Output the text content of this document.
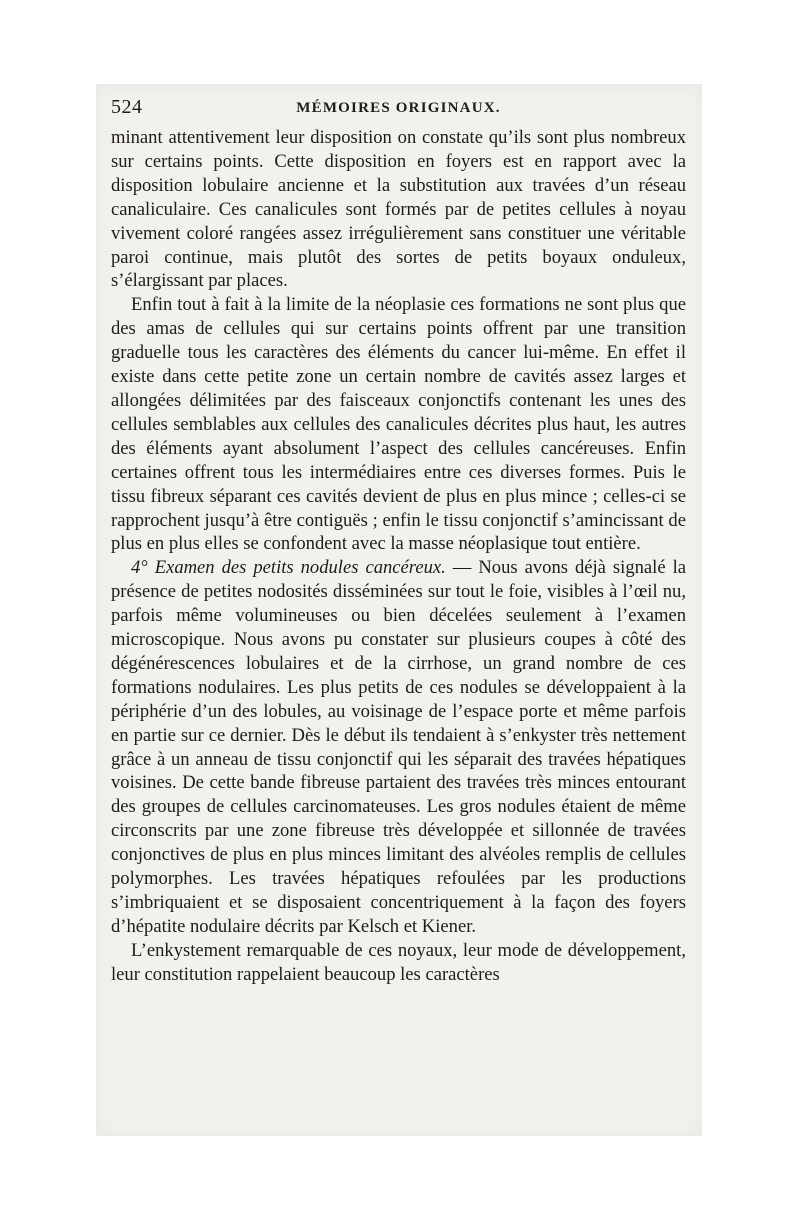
524	MÉMOIRES ORIGINAUX.

minant attentivement leur disposition on constate qu’ils sont plus nombreux sur certains points. Cette disposition en foyers est en rapport avec la disposition lobulaire ancienne et la substitution aux travées d’un réseau canaliculaire. Ces canalicules sont formés par de petites cellules à noyau vivement coloré rangées assez irrégulièrement sans constituer une véritable paroi continue, mais plutôt des sortes de petits boyaux onduleux, s’élargissant par places.

Enfin tout à fait à la limite de la néoplasie ces formations ne sont plus que des amas de cellules qui sur certains points offrent par une transition graduelle tous les caractères des éléments du cancer lui-même. En effet il existe dans cette petite zone un certain nombre de cavités assez larges et allongées délimitées par des faisceaux conjonctifs contenant les unes des cellules semblables aux cellules des canalicules décrites plus haut, les autres des éléments ayant absolument l’aspect des cellules cancéreuses. Enfin certaines offrent tous les intermédiaires entre ces diverses formes. Puis le tissu fibreux séparant ces cavités devient de plus en plus mince ; celles-ci se rapprochent jusqu’à être contiguës ; enfin le tissu conjonctif s’amincissant de plus en plus elles se confondent avec la masse néoplasique tout entière.

4° Examen des petits nodules cancéreux. — Nous avons déjà signalé la présence de petites nodosités disséminées sur tout le foie, visibles à l’œil nu, parfois même volumineuses ou bien décelées seulement à l’examen microscopique. Nous avons pu constater sur plusieurs coupes à côté des dégénérescences lobulaires et de la cirrhose, un grand nombre de ces formations nodulaires. Les plus petits de ces nodules se développaient à la périphérie d’un des lobules, au voisinage de l’espace porte et même parfois en partie sur ce dernier. Dès le début ils tendaient à s’enkyster très nettement grâce à un anneau de tissu conjonctif qui les séparait des travées hépatiques voisines. De cette bande fibreuse partaient des travées très minces entourant des groupes de cellules carcinomateuses. Les gros nodules étaient de même circonscrits par une zone fibreuse très développée et sillonnée de travées conjonctives de plus en plus minces limitant des alvéoles remplis de cellules polymorphes. Les travées hépatiques refoulées par les productions s’imbriquaient et se disposaient concentriquement à la façon des foyers d’hépatite nodulaire décrits par Kelsch et Kiener.

L’enkystement remarquable de ces noyaux, leur mode de développement, leur constitution rappelaient beaucoup les caractères
